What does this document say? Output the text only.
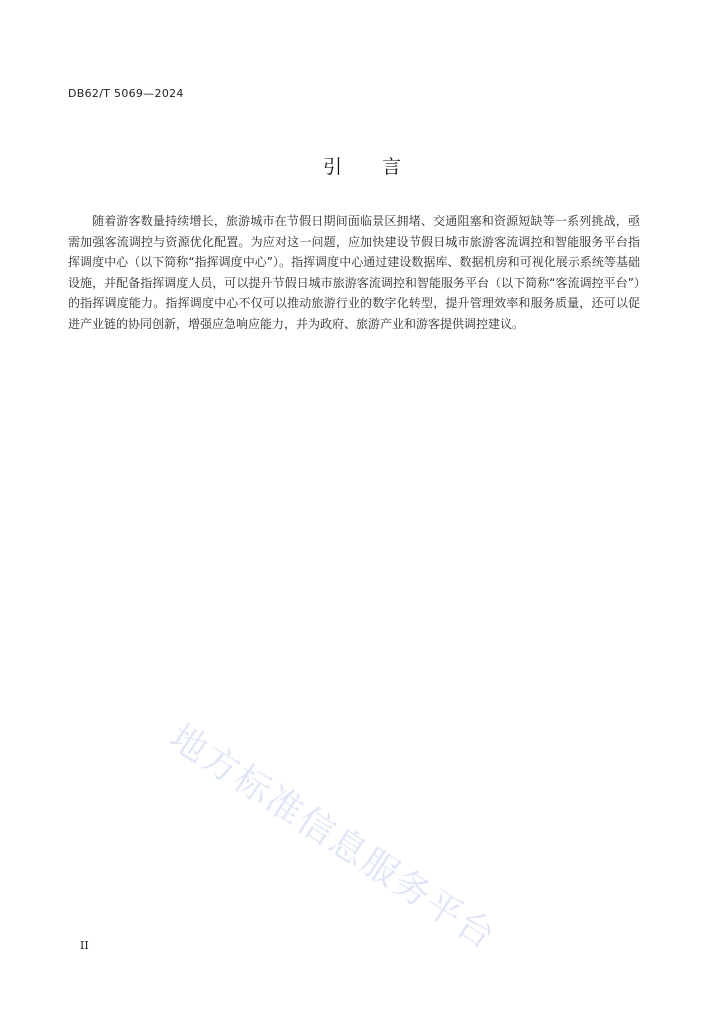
DB62/T 5069—2024
引 言

随着游客数量持续增长，旅游城市在节假日期间面临景区拥堵、交通阻塞和资源短缺等一系列挑战，亟需加强客流调控与资源优化配置。为应对这一问题，应加快建设节假日城市旅游客流调控和智能服务平台指挥调度中心（以下简称“指挥调度中心”）。指挥调度中心通过建设数据库、数据机房和可视化展示系统等基础设施，并配备指挥调度人员，可以提升节假日城市旅游客流调控和智能服务平台（以下简称“客流调控平台”）的指挥调度能力。指挥调度中心不仅可以推动旅游行业的数字化转型，提升管理效率和服务质量，还可以促进产业链的协同创新，增强应急响应能力，并为政府、旅游产业和游客提供调控建议。

II 地方标准信息服务平台
